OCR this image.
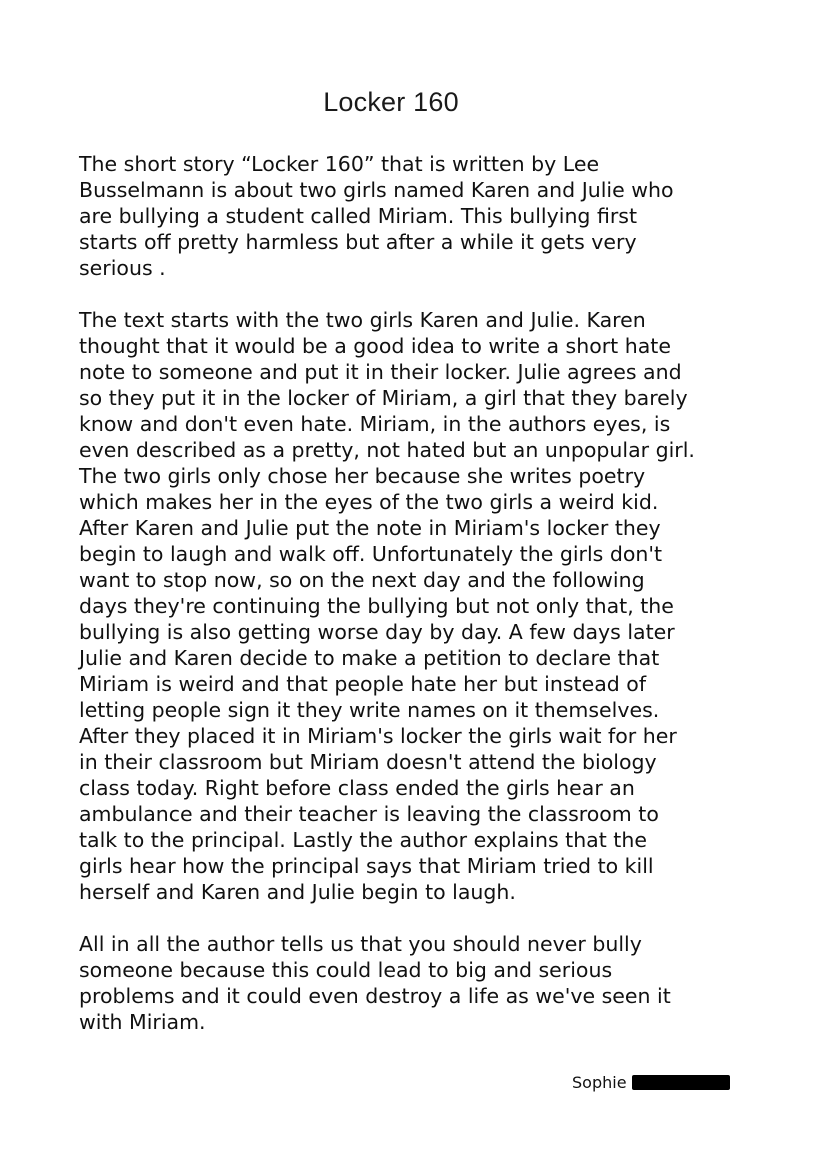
Locker 160

The short story “Locker 160” that is written by Lee
Busselmann is about two girls named Karen and Julie who
are bullying a student called Miriam. This bullying first
starts off pretty harmless but after a while it gets very
serious .

The text starts with the two girls Karen and Julie. Karen
thought that it would be a good idea to write a short hate
note to someone and put it in their locker. Julie agrees and
so they put it in the locker of Miriam, a girl that they barely
know and don't even hate. Miriam, in the authors eyes, is
even described as a pretty, not hated but an unpopular girl.
The two girls only chose her because she writes poetry
which makes her in the eyes of the two girls a weird kid.
After Karen and Julie put the note in Miriam's locker they
begin to laugh and walk off. Unfortunately the girls don't
want to stop now, so on the next day and the following
days they're continuing the bullying but not only that, the
bullying is also getting worse day by day. A few days later
Julie and Karen decide to make a petition to declare that
Miriam is weird and that people hate her but instead of
letting people sign it they write names on it themselves.
After they placed it in Miriam's locker the girls wait for her
in their classroom but Miriam doesn't attend the biology
class today. Right before class ended the girls hear an
ambulance and their teacher is leaving the classroom to
talk to the principal. Lastly the author explains that the
girls hear how the principal says that Miriam tried to kill
herself and Karen and Julie begin to laugh.

All in all the author tells us that you should never bully
someone because this could lead to big and serious
problems and it could even destroy a life as we've seen it
with Miriam.

Sophie
